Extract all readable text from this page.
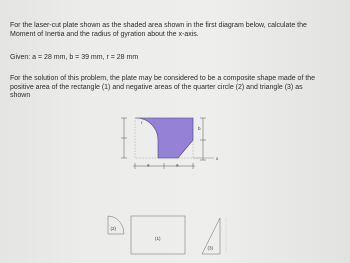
For the laser-cut plate shown as the shaded area shown in the first diagram below, calculate the

Moment of Inertia and the radius of gyration about the x-axis.

Given: a = 28 mm, b = 39 mm, r = 28 mm

For the solution of this problem, the plate may be considered to be a composite shape made of the

positive area of the rectangle (1) and negative areas of the quarter circle (2) and triangle (3) as

shown

a	a
b
r
x
(2)
(1)
(3)
